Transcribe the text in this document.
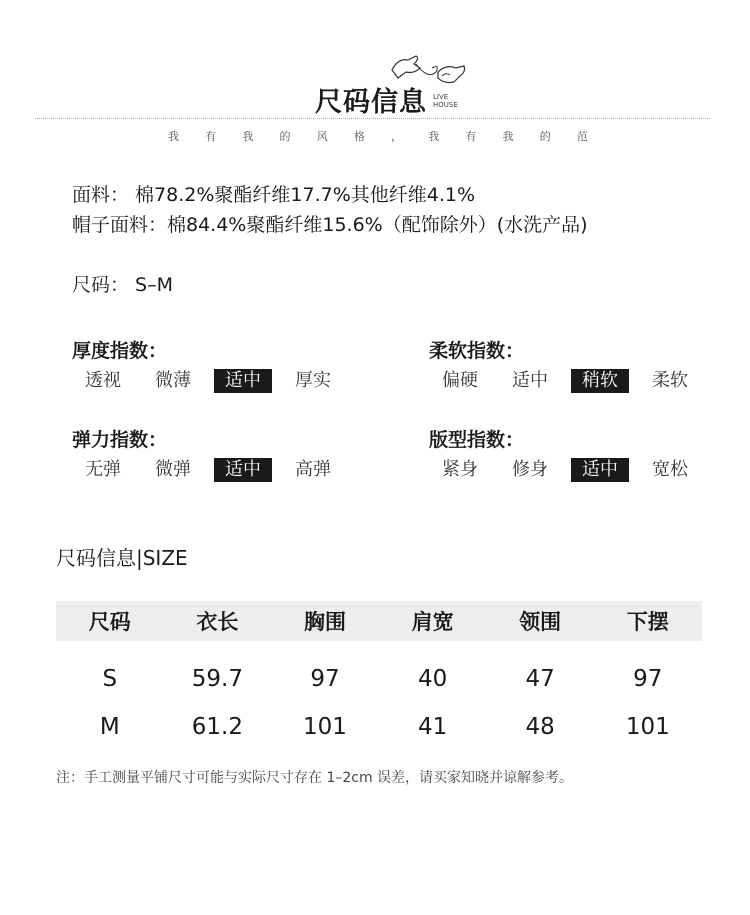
尺码信息 LIVE
HOUSE
我 有 我 的 风 格 ， 我 有 我 的 范
面料： 棉78.2%聚酯纤维17.7%其他纤维4.1%
帽子面料：棉84.4%聚酯纤维15.6%（配饰除外）(水洗产品)
尺码： S–M
厚度指数：
透视	微薄	适中	厚实
柔软指数：
偏硬	适中	稍软	柔软
弹力指数：
无弹	微弹	适中	高弹
版型指数：
紧身	修身	适中	宽松
尺码信息|SIZE
尺码	衣长	胸围	肩宽	领围	下摆
S	59.7	97	40	47	97
M	61.2	101	41	48	101
注：手工测量平铺尺寸可能与实际尺寸存在 1–2cm 误差，请买家知晓并谅解参考。
